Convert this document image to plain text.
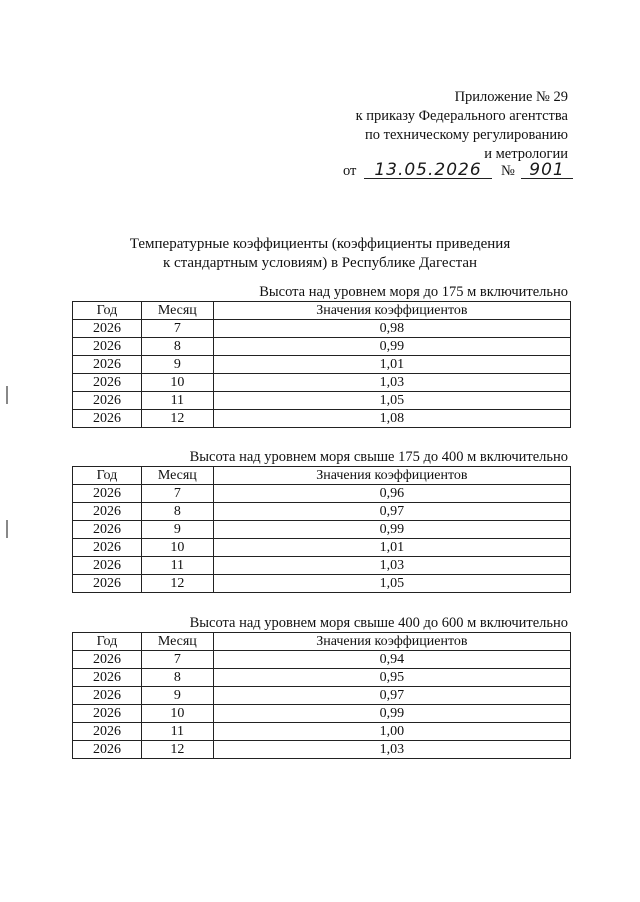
Приложение № 29
к приказу Федерального агентства
по техническому регулированию
и метрологии
от	13.05.2026	№ 901
Температурные коэффициенты (коэффициенты приведения
к стандартным условиям) в Республике Дагестан
Высота над уровнем моря до 175 м включительно
Год	Месяц	Значения коэффициентов
2026	7	0,98
2026	8	0,99
2026	9	1,01
2026	10	1,03
2026	11	1,05
2026	12	1,08
Высота над уровнем моря свыше 175 до 400 м включительно
Год	Месяц	Значения коэффициентов
2026	7	0,96
2026	8	0,97
2026	9	0,99
2026	10	1,01
2026	11	1,03
2026	12	1,05
Высота над уровнем моря свыше 400 до 600 м включительно
Год	Месяц	Значения коэффициентов
2026	7	0,94
2026	8	0,95
2026	9	0,97
2026	10	0,99
2026	11	1,00
2026	12	1,03
